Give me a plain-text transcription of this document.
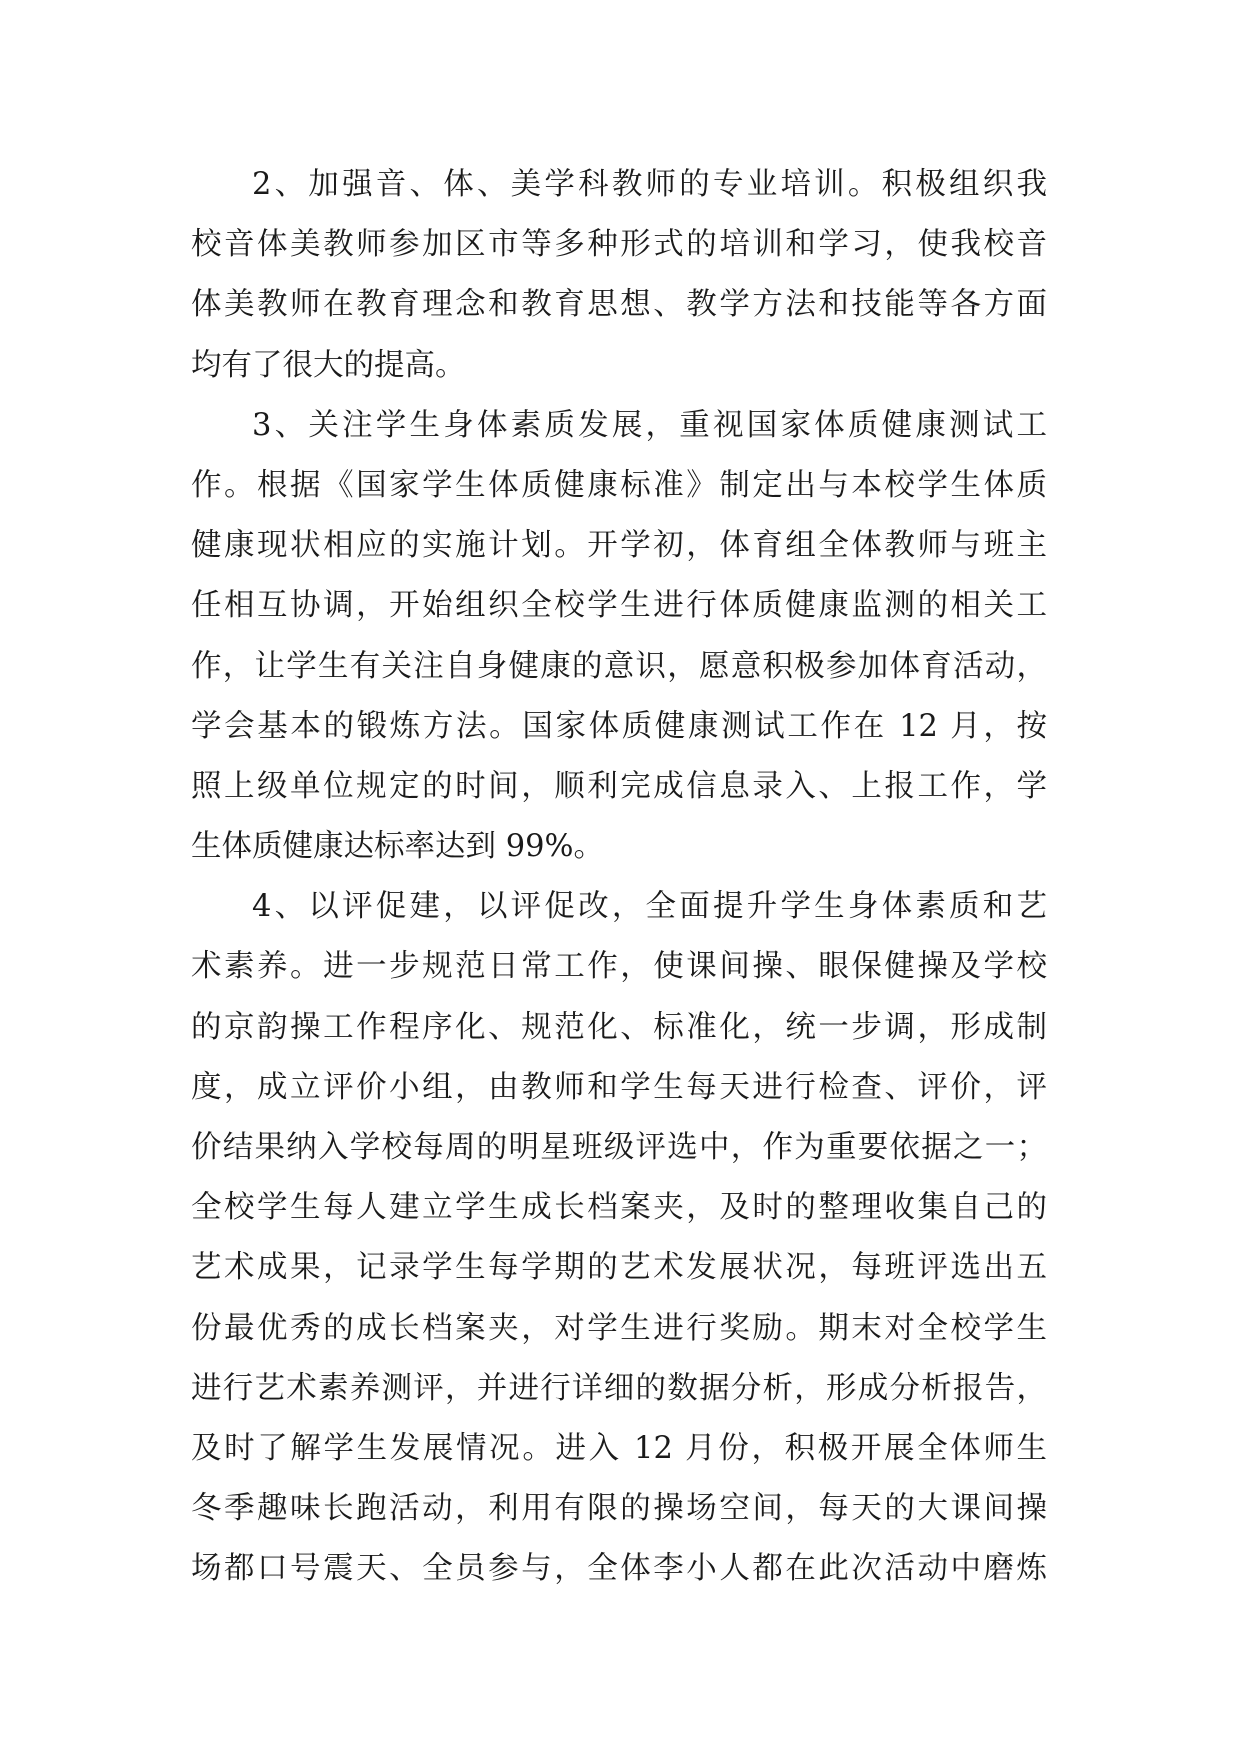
2、加强音、体、美学科教师的专业培训。积极组织我
校音体美教师参加区市等多种形式的培训和学习，使我校音
体美教师在教育理念和教育思想、教学方法和技能等各方面
均有了很大的提高。
3、关注学生身体素质发展，重视国家体质健康测试工
作。根据《国家学生体质健康标准》制定出与本校学生体质
健康现状相应的实施计划。开学初，体育组全体教师与班主
任相互协调，开始组织全校学生进行体质健康监测的相关工
作，让学生有关注自身健康的意识，愿意积极参加体育活动，
学会基本的锻炼方法。国家体质健康测试工作在 12 月，按
照上级单位规定的时间，顺利完成信息录入、上报工作，学
生体质健康达标率达到 99%。
4、以评促建，以评促改，全面提升学生身体素质和艺
术素养。进一步规范日常工作，使课间操、眼保健操及学校
的京韵操工作程序化、规范化、标准化，统一步调，形成制
度，成立评价小组，由教师和学生每天进行检查、评价，评
价结果纳入学校每周的明星班级评选中，作为重要依据之一；
全校学生每人建立学生成长档案夹，及时的整理收集自己的
艺术成果，记录学生每学期的艺术发展状况，每班评选出五
份最优秀的成长档案夹，对学生进行奖励。期末对全校学生
进行艺术素养测评，并进行详细的数据分析，形成分析报告，
及时了解学生发展情况。进入 12 月份，积极开展全体师生
冬季趣味长跑活动，利用有限的操场空间，每天的大课间操
场都口号震天、全员参与，全体李小人都在此次活动中磨炼
